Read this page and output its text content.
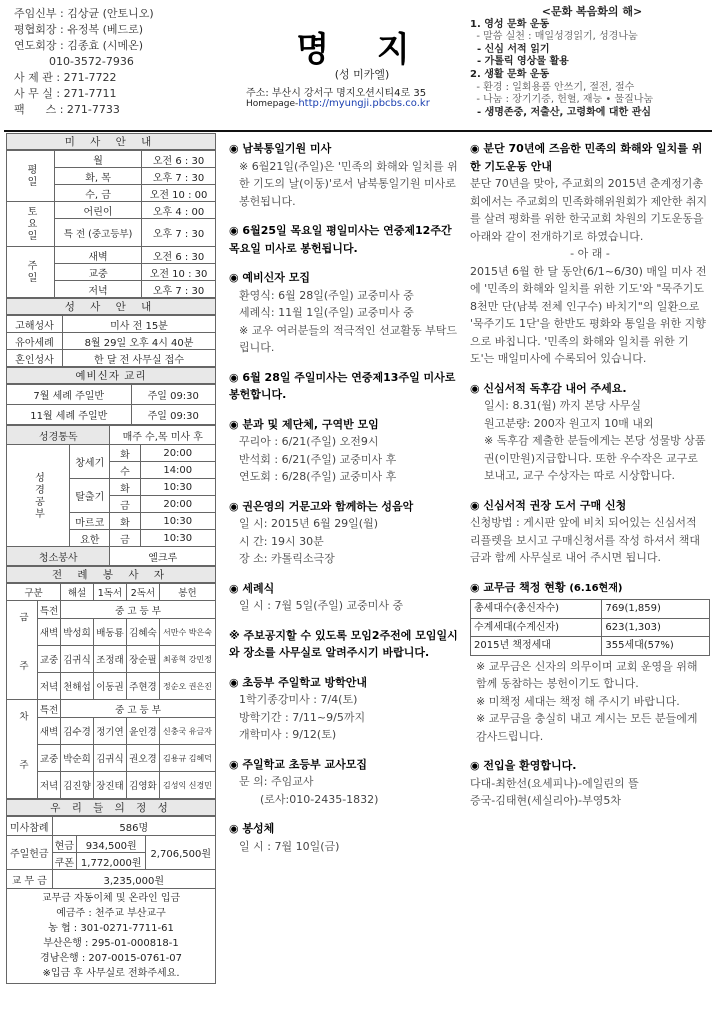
주임신부 : 김상균 (안토니오)
평협회장 : 유정복 (베드로)
연도회장 : 김종효 (시메온)
010-3572-7936
사 제 관 : 271-7722
사 무 실 : 271-7711
팩      스 : 271-7733
명 지
(성 미카엘)
주소: 부산시 강서구 명지오션시티4로 35
Homepage-http://myungji.pbcbs.co.kr
<문화 복음화의 해>
1. 영성 문화 운동
- 말씀 실천 : 매일성경읽기, 성경나눔
- 신심 서적 읽기
- 가톨릭 영상물 활용
2. 생활 문화 운동
- 환경 : 일회용품 안쓰기, 절전, 절수
- 나눔 : 장기기증, 헌혈, 재능 • 물질나눔
- 생명존중, 저출산, 고령화에 대한 관심
미 사 안 내
평일	월	오전 6 : 30
	화, 목	오후 7 : 30
	수, 금	오전 10 : 00
토요일	어린이	오후 4 : 00
	특 전 (중고등부)	오후 7 : 30
주일	새벽	오전 6 : 30
	교중	오전 10 : 30
	저녁	오후 7 : 30
성 사 안 내
고해성사	미사 전 15분
유아세례	8월 29일 오후 4시 40분
혼인성사	한 달 전 사무실 접수
예비신자 교리
7월 세례 주일반	주일 09:30
11월 세례 주일반	주일 09:30
성경통독		매주 수,목 미사 후	
성경공부	창세기	화	20:00
		수	14:00
	탈출기	화	10:30
		금	20:00
	마르코	화	10:30
	요한	금	10:30
청소봉사		엘크루	
전 례 봉 사 자
구분		해설	1독서	2독서	봉헌
금 주	특전	중 고 등 부			
	새벽	박성희	배동룡	김혜숙	서만수 박은숙
	교중	김귀식	조정래	장순필	최종혁 강민정
	저녁	천해섭	이동권	주현경	정순오 권은진
차 주	특전	중 고 등 부			
	새벽	김수경	정기연	윤인경	신충국 유금자
	교중	박순희	김귀식	권오경	김용규 김혜덕
	저녁	김진향	장진태	김영화	김성익 신경민
우 리 들 의 정 성
미사참례	586명		
주일헌금	현금	934,500원	2,706,500원
	쿠폰	1,772,000원	
교 무 금	3,235,000원		
교무금 자동이체 및 온라인 입금
예금주 : 천주교 부산교구
농 협 : 301-0271-7711-61
부산은행 : 295-01-000818-1
경남은행 : 207-0015-0761-07
※입금 후 사무실로 전화주세요.
◉ 남북통일기원 미사
※ 6월21일(주일)은 '민족의 화해와 일치를 위한 기도의 날(이동)'로서 남북통일기원 미사로 봉헌됩니다.
◉ 6월25일 목요일 평일미사는 연중제12주간 목요일 미사로 봉헌됩니다.
◉ 예비신자 모집
환영식: 6월 28일(주일) 교중미사 중
세례식: 11월 1일(주일) 교중미사 중
※ 교우 여러분들의 적극적인 선교활동 부탁드립니다.
◉ 6월 28일 주일미사는 연중제13주일 미사로 봉헌합니다.
◉ 분과 및 제단체, 구역반 모임
꾸리아 : 6/21(주일) 오전9시
반석회 : 6/21(주일) 교중미사 후
연도회 : 6/28(주일) 교중미사 후
◉ 권은영의 거문고와 함께하는 성음악
일 시: 2015년 6월 29일(월)
시 간: 19시 30분
장 소: 카톨릭소극장
◉ 세례식
일 시 : 7월 5일(주일) 교중미사 중
※ 주보공지할 수 있도록 모임2주전에 모임일시와 장소를 사무실로 알려주시기 바랍니다.
◉ 초등부 주일학교 방학안내
1학기종강미사 : 7/4(토)
방학기간 : 7/11~9/5까지
개학미사 : 9/12(토)
◉ 주일학교 초등부 교사모집
문 의: 주임교사
(로사:010-2435-1832)
◉ 봉성체
일 시 : 7월 10일(금)
◉ 분단 70년에 즈음한 민족의 화해와 일치를 위한 기도운동 안내
분단 70년을 맞아, 주교회의 2015년 춘계정기총회에서는 주교회의 민족화해위원회가 제안한 취지를 살려 평화를 위한 한국교회 차원의 기도운동을 아래와 같이 전개하기로 하였습니다.
- 아 래 -
2015년 6월 한 달 동안(6/1~6/30) 매일 미사 전에 '민족의 화해와 일치를 위한 기도'와 "묵주기도 8천만 단(남북 전체 인구수) 바치기"의 일환으로 '묵주기도 1단'을 한반도 평화와 통일을 위한 지향으로 바칩니다. '민족의 화해와 일치를 위한 기도'는 매일미사에 수록되어 있습니다.
◉ 신심서적 독후감 내어 주세요.
일시: 8.31(월) 까지 본당 사무실
원고분량: 200자 원고지 10매 내외
※ 독후감 제출한 분들에게는 본당 성물방 상품권(이만원)지급합니다. 또한 우수작은 교구로 보내고, 교구 수상자는 따로 시상합니다.
◉ 신심서적 권장 도서 구매 신청
신청방법 : 게시판 앞에 비치 되어있는 신심서적 리플렛을 보시고 구매신청서를 작성 하셔서 책대금과 함께 사무실로 내어 주시면 됩니다.
◉ 교무금 책정 현황 (6.16현재)
총세대수(총신자수)	769(1,859)
수계세대(수계신자)	623(1,303)
2015년 책정세대	355세대(57%)
※ 교무금은 신자의 의무이며 교회 운영을 위해 함께 동참하는 봉헌이기도 합니다.
※ 미책정 세대는 책정 해 주시기 바랍니다.
※ 교무금을 충실히 내고 계시는 모든 분들에게 감사드립니다.
◉ 전입을 환영합니다.
다대-최한선(요세피나)-에일린의 뜰
증국-김태현(세실리아)-부영5차
